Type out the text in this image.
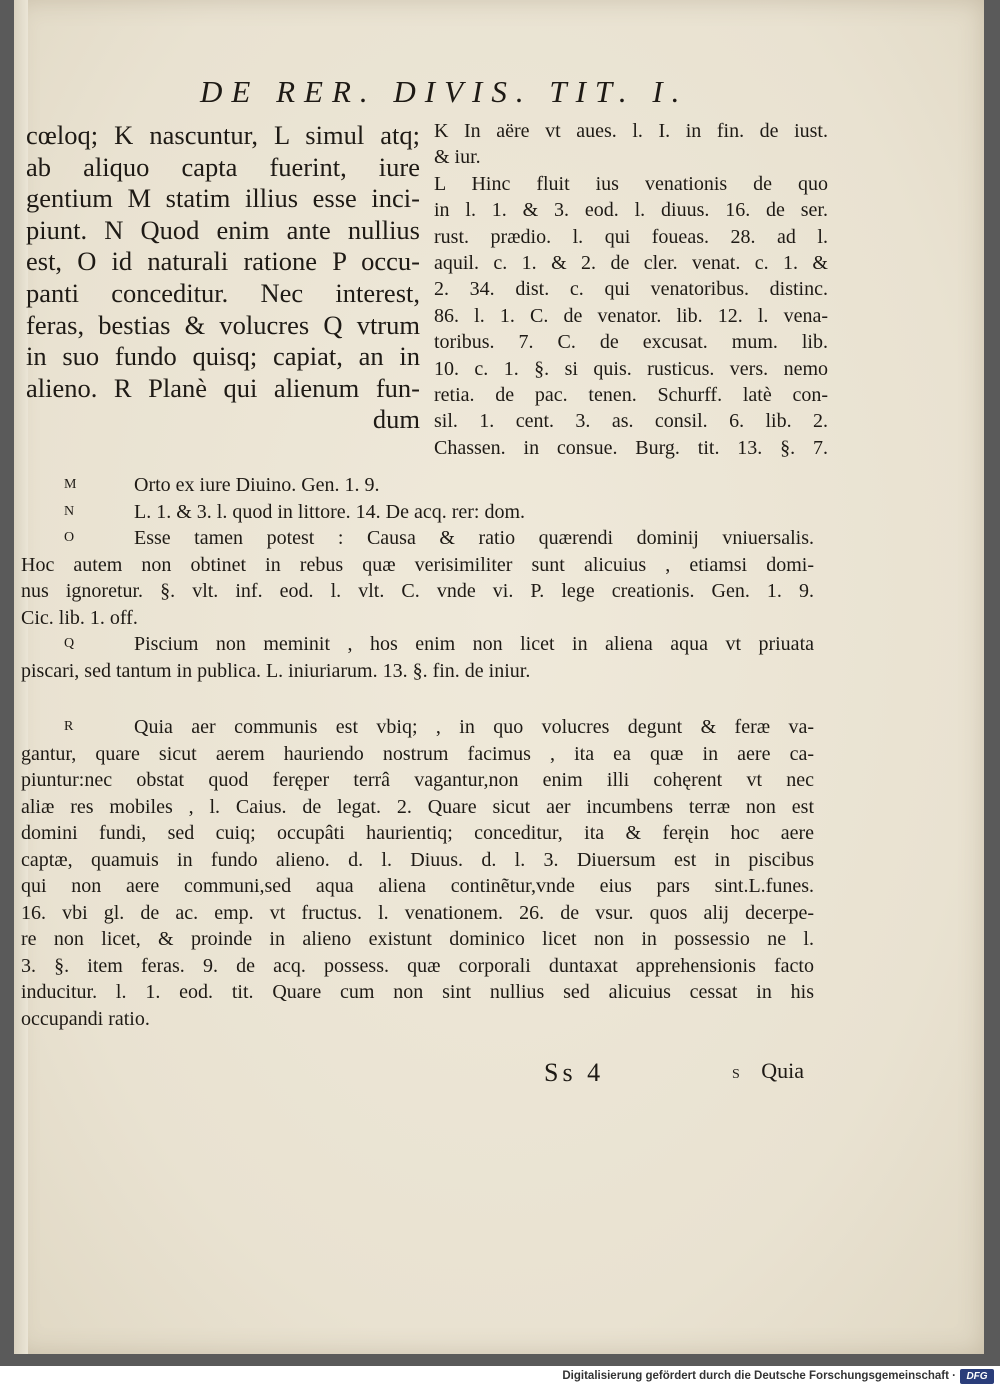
DE RER. DIVIS. TIT. I.
cœloq; K nascuntur, L simul atq;
ab aliquo capta fuerint, iure
gentium M statim illius esse inci-
piunt. N Quod enim ante nullius
est, O id naturali ratione P occu-
panti conceditur. Nec interest,
feras, bestias & volucres Q vtrum
in suo fundo quisq; capiat, an in
alieno. R Planè qui alienum fun-
dum
K In aëre vt aues. l. I. in fin. de iust.
& iur.
L Hinc fluit ius venationis de quo
in l. 1. & 3. eod. l. diuus. 16. de ser.
rust. prædio. l. qui foueas. 28. ad l.
aquil. c. 1. & 2. de cler. venat. c. 1. &
2. 34. dist. c. qui venatoribus. distinc.
86. l. 1. C. de venator. lib. 12. l. vena-
toribus. 7. C. de excusat. mum. lib.
10. c. 1. §. si quis. rusticus. vers. nemo
retia. de pac. tenen. Schurff. latè con-
sil. 1. cent. 3. as. consil. 6. lib. 2.
Chassen. in consue. Burg. tit. 13. §. 7.
M	Orto ex iure Diuino. Gen. 1. 9.
N	L. 1. & 3. l. quod in littore. 14. De acq. rer: dom.
O	Esse tamen potest : Causa & ratio quærendi dominij vniuersalis.
Hoc autem non obtinet in rebus quæ verisimiliter sunt alicuius , etiamsi domi-
nus ignoretur. §. vlt. inf. eod. l. vlt. C. vnde vi. P. lege creationis. Gen. 1. 9.
Cic. lib. 1. off.
Q	Piscium non meminit , hos enim non licet in aliena aqua vt priuata
piscari, sed tantum in publica. L. iniuriarum. 13. §. fin. de iniur.
R	Quia aer communis est vbiq; , in quo volucres degunt & feræ va-
gantur, quare sicut aerem hauriendo nostrum facimus , ita ea quæ in aere ca-
piuntur:nec obstat quod feręper terrâ vagantur,non enim illi cohęrent vt nec
aliæ res mobiles , l. Caius. de legat. 2. Quare sicut aer incumbens terræ non est
domini fundi, sed cuiq; occupâti haurientiq; conceditur, ita & feręin hoc aere
captæ, quamuis in fundo alieno. d. l. Diuus. d. l. 3. Diuersum est in piscibus
qui non aere communi,sed aqua aliena continẽtur,vnde eius pars sint.L.funes.
16. vbi gl. de ac. emp. vt fructus. l. venationem. 26. de vsur. quos alij decerpe-
re non licet, & proinde in alieno existunt dominico licet non in possessio ne l.
3. §. item feras. 9. de acq. possess. quæ corporali duntaxat apprehensionis facto
inducitur. l. 1. eod. tit. Quare cum non sint nullius sed alicuius cessat in his
occupandi ratio.
Ss 4	S Quia
Digitalisierung gefördert durch die Deutsche Forschungsgemeinschaft ·	DFG
